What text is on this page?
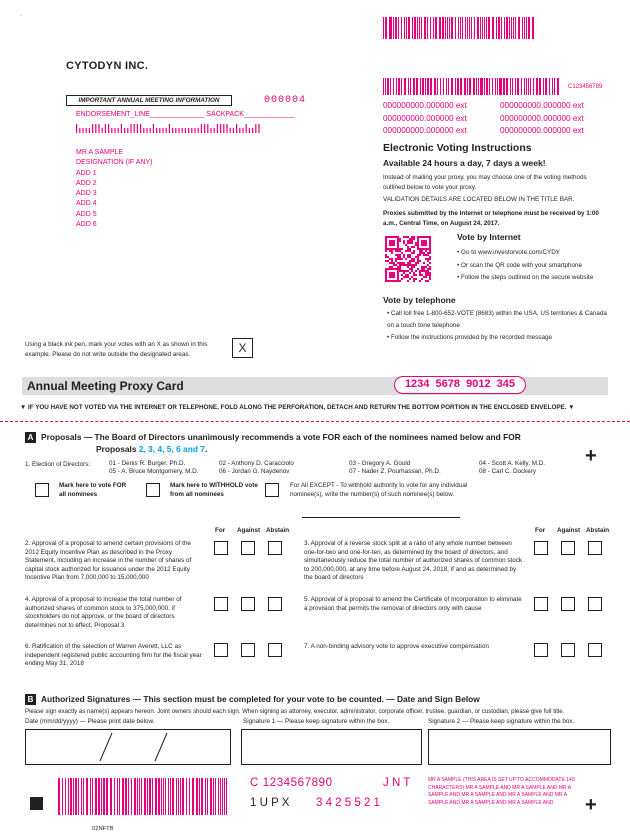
·
CYTODYN INC.
C123456789
IMPORTANT ANNUAL MEETING INFORMATION	000004
ENDORSEMENT_LINE______________ SACKPACK_____________
MR A SAMPLE
DESIGNATION (IF ANY)
ADD 1
ADD 2
ADD 3
ADD 4
ADD 5
ADD 6
000000000.000000 ext
000000000.000000 ext
000000000.000000 ext
000000000.000000 ext
000000000.000000 ext
000000000.000000 ext
Electronic Voting Instructions
Available 24 hours a day, 7 days a week!
Instead of mailing your proxy, you may choose one of the voting methods outlined below to vote your proxy.
VALIDATION DETAILS ARE LOCATED BELOW IN THE TITLE BAR.
Proxies submitted by the Internet or telephone must be received by 1:00 a.m., Central Time, on August 24, 2017.
Vote by Internet
• Go to www.investorvote.com/CYDY
• Or scan the QR code with your smartphone
• Follow the steps outlined on the secure website
Vote by telephone
• Call toll free 1-800-652-VOTE (8683) within the USA, US territories & Canada on a touch tone telephone
• Follow the instructions provided by the recorded message
Using a black ink pen, mark your votes with an X as shown in this example. Please do not write outside the designated areas.	X
Annual Meeting Proxy Card	1234  5678  9012  345
▼ IF YOU HAVE NOT VOTED VIA THE INTERNET OR TELEPHONE, FOLD ALONG THE PERFORATION, DETACH AND RETURN THE BOTTOM PORTION IN THE ENCLOSED ENVELOPE. ▼
A Proposals — The Board of Directors unanimously recommends a vote FOR each of the nominees named below and FOR
Proposals 2, 3, 4, 5, 6 and 7.	+
1. Election of Directors:	01 - Denis R. Burger, Ph.D.	02 - Anthony D. Caracciolo	03 - Gregory A. Gould	04 - Scott A. Kelly, M.D.
05 - A. Bruce Montgomery, M.D.	06 - Jordan G. Naydenov	07 - Nader Z. Pourhassan, Ph.D.	08 - Carl C. Dockery
Mark here to vote FOR all nominees
Mark here to WITHHOLD vote from all nominees
For All EXCEPT - To withhold authority to vote for any individual nominee(s), write the number(s) of such nominee(s) below.
For Against Abstain	For Against Abstain
2. Approval of a proposal to amend certain provisions of the 2012 Equity Incentive Plan as described in the Proxy Statement, including an increase in the number of shares of capital stock authorized for issuance under the 2012 Equity Incentive Plan from 7,000,000 to 15,000,000
3. Approval of a reverse stock split at a ratio of any whole number between one-for-two and one-for-ten, as determined by the board of directors, and simultaneously reduce the total number of authorized shares of common stock to 200,000,000, at any time before August 24, 2018, if and as determined by the board of directors
4. Approval of a proposal to increase the total number of authorized shares of common stock to 375,000,000, if stockholders do not approve, or the board of directors determines not to effect, Proposal 3
5. Approval of a proposal to amend the Certificate of Incorporation to eliminate a provision that permits the removal of directors only with cause
6. Ratification of the selection of Warren Averett, LLC as independent registered public accounting firm for the fiscal year ending May 31, 2018
7. A non-binding advisory vote to approve executive compensation
B Authorized Signatures — This section must be completed for your vote to be counted. — Date and Sign Below
Please sign exactly as name(s) appears hereon. Joint owners should each sign. When signing as attorney, executor, administrator, corporate officer, trustee, guardian, or custodian, please give full title.
Date (mm/dd/yyyy) — Please print date below.	Signature 1 — Please keep signature within the box.	Signature 2 — Please keep signature within the box.
02NFTB
C 1234567890	J N T
1 U P X 3 4 2 5 5 2 1
MR A SAMPLE (THIS AREA IS SET UP TO ACCOMMODATE 140 CHARACTERS) MR A SAMPLE AND MR A SAMPLE AND MR A SAMPLE AND MR A SAMPLE AND MR A SAMPLE AND MR A SAMPLE AND MR A SAMPLE AND MR A SAMPLE AND	+
